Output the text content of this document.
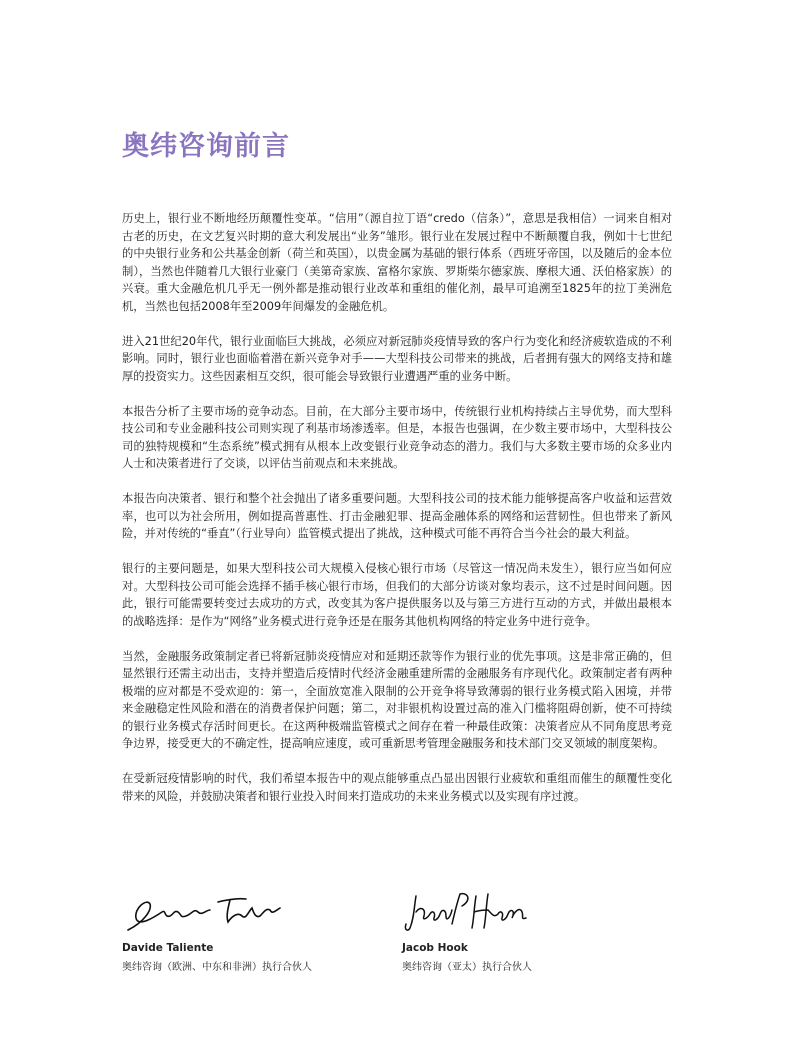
奥纬咨询前言

历史上，银行业不断地经历颠覆性变革。“信用”（源自拉丁语“credo（信条）”，意思是我相信）一词来自相对古老的历史，在文艺复兴时期的意大利发展出“业务”雏形。银行业在发展过程中不断颠覆自我，例如十七世纪的中央银行业务和公共基金创新（荷兰和英国），以贵金属为基础的银行体系（西班牙帝国，以及随后的金本位制），当然也伴随着几大银行业豪门（美第奇家族、富格尔家族、罗斯柴尔德家族、摩根大通、沃伯格家族）的兴衰。重大金融危机几乎无一例外都是推动银行业改革和重组的催化剂，最早可追溯至1825年的拉丁美洲危机，当然也包括2008年至2009年间爆发的金融危机。

进入21世纪20年代，银行业面临巨大挑战，必须应对新冠肺炎疫情导致的客户行为变化和经济疲软造成的不利影响。同时，银行业也面临着潜在新兴竞争对手——大型科技公司带来的挑战，后者拥有强大的网络支持和雄厚的投资实力。这些因素相互交织，很可能会导致银行业遭遇严重的业务中断。

本报告分析了主要市场的竞争动态。目前，在大部分主要市场中，传统银行业机构持续占主导优势，而大型科技公司和专业金融科技公司则实现了利基市场渗透率。但是，本报告也强调，在少数主要市场中，大型科技公司的独特规模和“生态系统”模式拥有从根本上改变银行业竞争动态的潜力。我们与大多数主要市场的众多业内人士和决策者进行了交谈，以评估当前观点和未来挑战。

本报告向决策者、银行和整个社会抛出了诸多重要问题。大型科技公司的技术能力能够提高客户收益和运营效率，也可以为社会所用，例如提高普惠性、打击金融犯罪、提高金融体系的网络和运营韧性。但也带来了新风险，并对传统的“垂直”（行业导向）监管模式提出了挑战，这种模式可能不再符合当今社会的最大利益。

银行的主要问题是，如果大型科技公司大规模入侵核心银行市场（尽管这一情况尚未发生），银行应当如何应对。大型科技公司可能会选择不插手核心银行市场，但我们的大部分访谈对象均表示，这不过是时间问题。因此，银行可能需要转变过去成功的方式，改变其为客户提供服务以及与第三方进行互动的方式，并做出最根本的战略选择：是作为“网络”业务模式进行竞争还是在服务其他机构网络的特定业务中进行竞争。

当然，金融服务政策制定者已将新冠肺炎疫情应对和延期还款等作为银行业的优先事项。这是非常正确的，但显然银行还需主动出击，支持并塑造后疫情时代经济金融重建所需的金融服务有序现代化。政策制定者有两种极端的应对都是不受欢迎的：第一，全面放宽准入限制的公开竞争将导致薄弱的银行业务模式陷入困境，并带来金融稳定性风险和潜在的消费者保护问题；第二，对非银机构设置过高的准入门槛将阻碍创新，使不可持续的银行业务模式存活时间更长。在这两种极端监管模式之间存在着一种最佳政策：决策者应从不同角度思考竞争边界，接受更大的不确定性，提高响应速度，或可重新思考管理金融服务和技术部门交叉领域的制度架构。

在受新冠疫情影响的时代，我们希望本报告中的观点能够重点凸显出因银行业疲软和重组而催生的颠覆性变化带来的风险，并鼓励决策者和银行业投入时间来打造成功的未来业务模式以及实现有序过渡。

Davide Taliente
奥纬咨询（欧洲、中东和非洲）执行合伙人
Jacob Hook
奥纬咨询（亚太）执行合伙人
